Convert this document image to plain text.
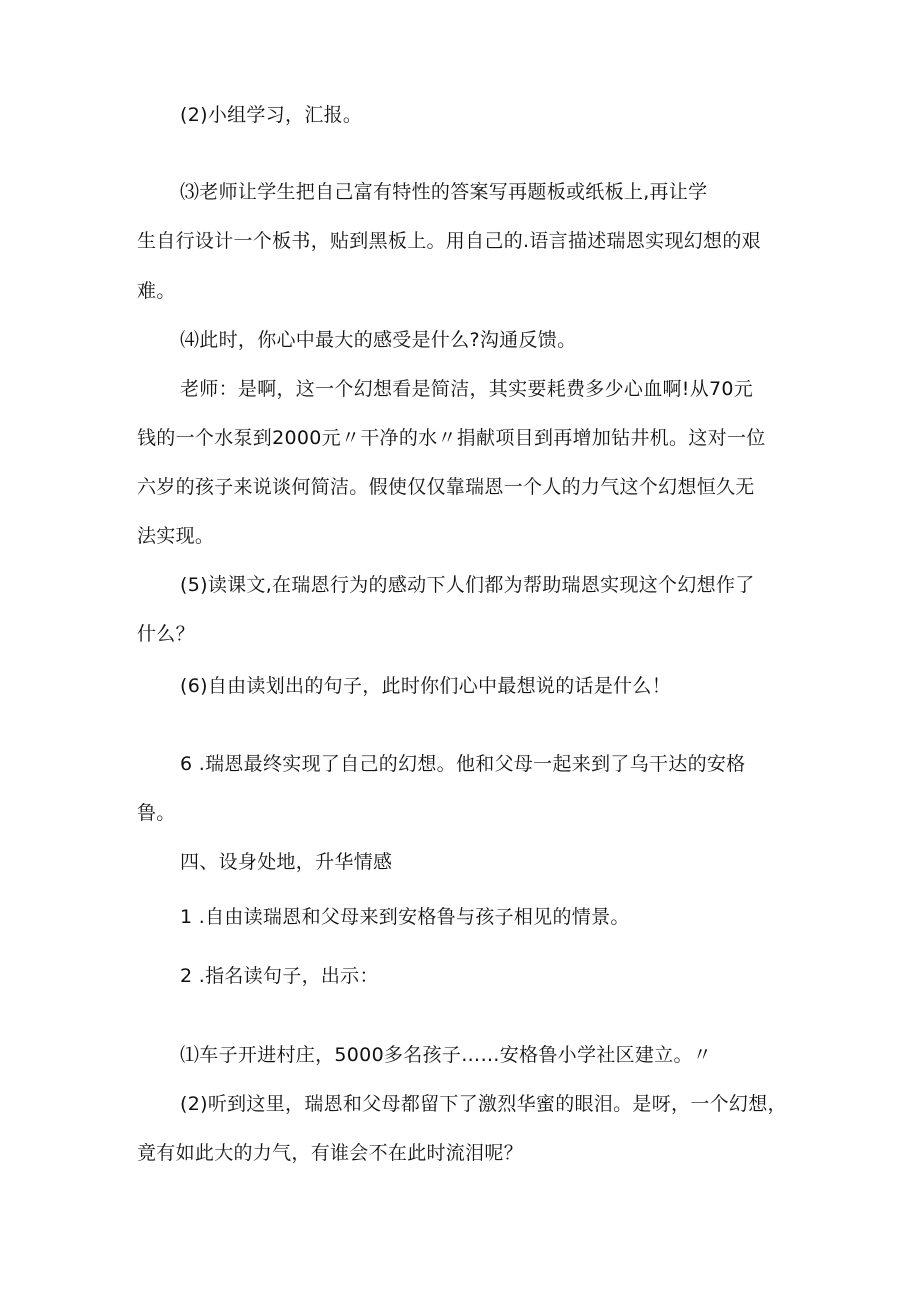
(2)小组学习，汇报。
⑶老师让学生把自己富有特性的答案写再题板或纸板上,再让学
生自行设计一个板书，贴到黑板上。用自己的.语言描述瑞恩实现幻想的艰
难。
⑷此时，你心中最大的感受是什么?沟通反馈。
老师：是啊，这一个幻想看是简洁，其实要耗费多少心血啊!从70元
钱的一个水泵到2000元〃干净的水〃捐献项目到再增加钻井机。这对一位
六岁的孩子来说谈何简洁。假使仅仅靠瑞恩一个人的力气这个幻想恒久无
法实现。
(5)读课文,在瑞恩行为的感动下人们都为帮助瑞恩实现这个幻想作了
什么？
(6)自由读划出的句子，此时你们心中最想说的话是什么！
6 .瑞恩最终实现了自己的幻想。他和父母一起来到了乌干达的安格
鲁。
四、设身处地，升华情感
1 .自由读瑞恩和父母来到安格鲁与孩子相见的情景。
2 .指名读句子，出示：
⑴车子开进村庄，5000多名孩子……安格鲁小学社区建立。〃
(2)听到这里，瑞恩和父母都留下了激烈华蜜的眼泪。是呀，一个幻想，
竟有如此大的力气，有谁会不在此时流泪呢？
